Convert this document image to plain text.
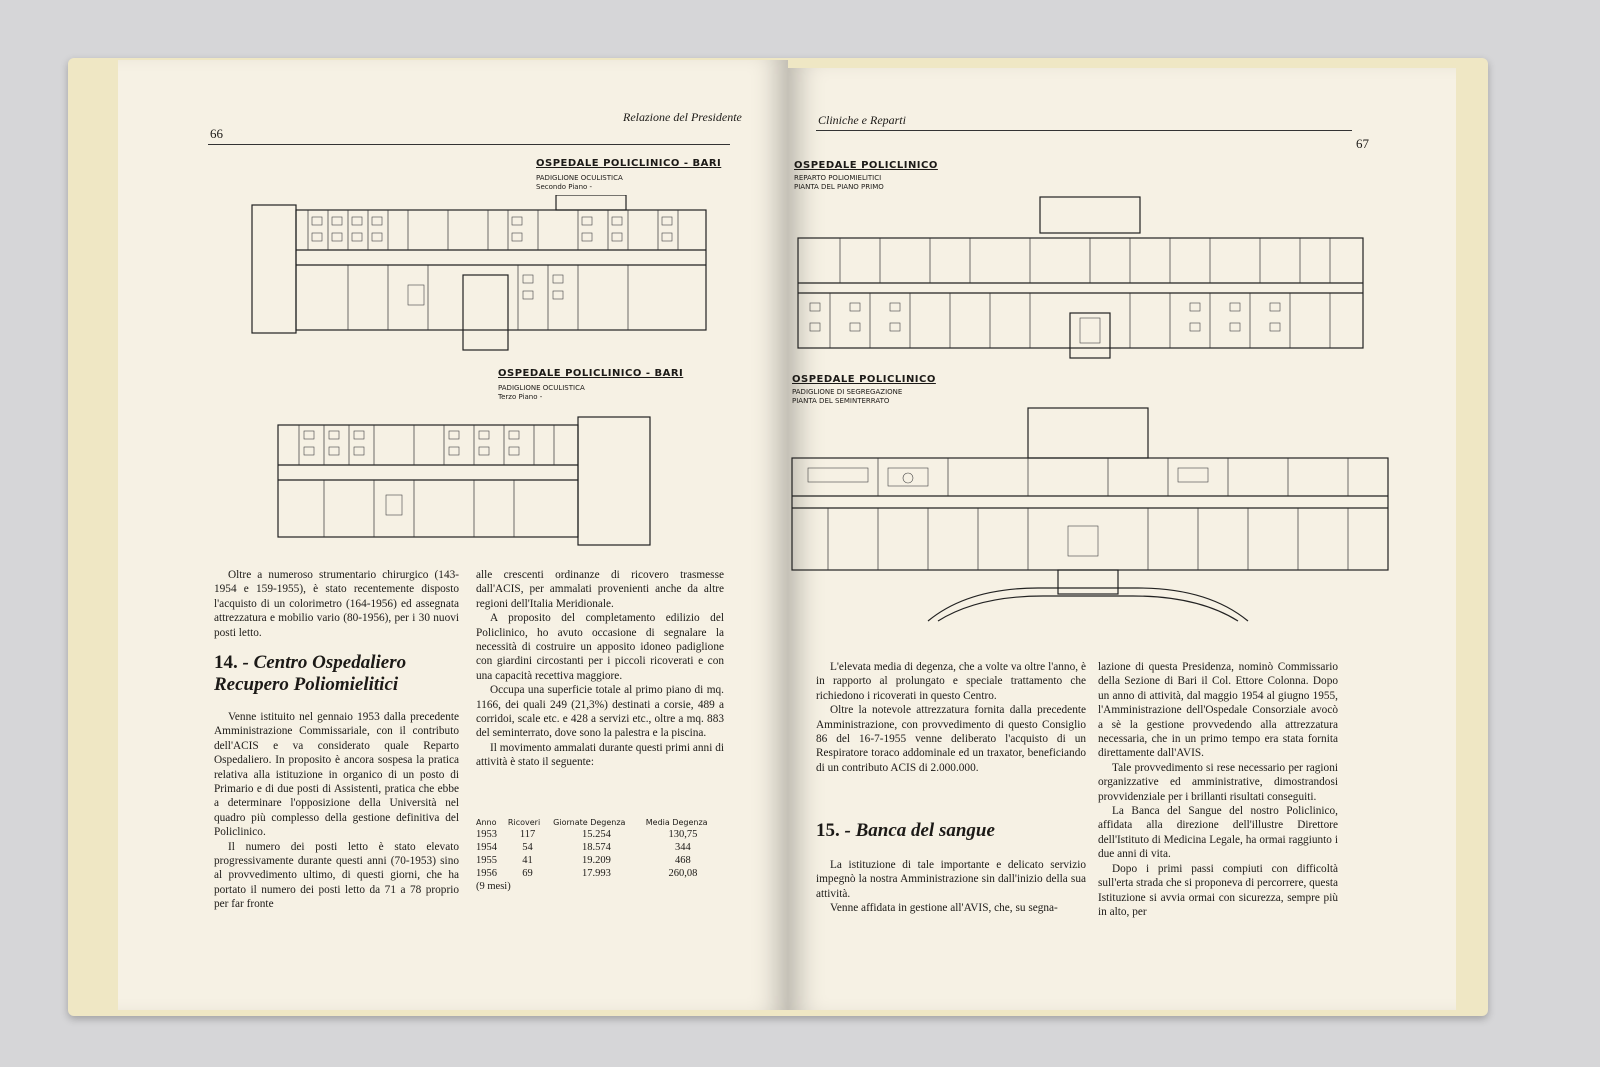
Relazione del Presidente
66
OSPEDALE POLICLINICO - BARI
PADIGLIONE OCULISTICA
Secondo Piano -
OSPEDALE POLICLINICO - BARI
PADIGLIONE OCULISTICA
Terzo Piano -

Oltre a numeroso strumentario chirurgico (143-1954 e 159-1955), è stato recentemente disposto l'acquisto di un colorimetro (164-1956) ed assegnata attrezzatura e mobilio vario (80-1956), per i 30 nuovi posti letto.

14. - Centro Ospedaliero Recupero Poliomielitici

Venne istituito nel gennaio 1953 dalla precedente Amministrazione Commissariale, con il contributo dell'ACIS e va considerato quale Reparto Ospedaliero. In proposito è ancora sospesa la pratica relativa alla istituzione in organico di un posto di Primario e di due posti di Assistenti, pratica che ebbe a determinare l'opposizione della Università nel quadro più complesso della gestione definitiva del Policlinico.

Il numero dei posti letto è stato elevato progressivamente durante questi anni (70-1953) sino al provvedimento ultimo, di questi giorni, che ha portato il numero dei posti letto da 71 a 78 proprio per far fronte

alle crescenti ordinanze di ricovero trasmesse dall'ACIS, per ammalati provenienti anche da altre regioni dell'Italia Meridionale.

A proposito del completamento edilizio del Policlinico, ho avuto occasione di segnalare la necessità di costruire un apposito idoneo padiglione con giardini circostanti per i piccoli ricoverati e con una capacità recettiva maggiore.

Occupa una superficie totale al primo piano di mq. 1166, dei quali 249 (21,3%) destinati a corsie, 489 a corridoi, scale etc. e 428 a servizi etc., oltre a mq. 883 del seminterrato, dove sono la palestra e la piscina.

Il movimento ammalati durante questi primi anni di attività è stato il seguente:

Anno	Ricoveri	Giornate Degenza	Media Degenza
1953	117	15.254	130,75
1954	54	18.574	344
1955	41	19.209	468
1956	69	17.993	260,08
(9 mesi)			
Cliniche e Reparti
67
OSPEDALE POLICLINICO
REPARTO POLIOMIELITICI
PIANTA DEL PIANO PRIMO
OSPEDALE POLICLINICO
PADIGLIONE DI SEGREGAZIONE
PIANTA DEL SEMINTERRATO

L'elevata media di degenza, che a volte va oltre l'anno, è in rapporto al prolungato e speciale trattamento che richiedono i ricoverati in questo Centro.

Oltre la notevole attrezzatura fornita dalla precedente Amministrazione, con provvedimento di questo Consiglio 86 del 16-7-1955 venne deliberato l'acquisto di un Respiratore toraco addominale ed un traxator, beneficiando di un contributo ACIS di 2.000.000.

15. - Banca del sangue

La istituzione di tale importante e delicato servizio impegnò la nostra Amministrazione sin dall'inizio della sua attività.

Venne affidata in gestione all'AVIS, che, su segna-

lazione di questa Presidenza, nominò Commissario della Sezione di Bari il Col. Ettore Colonna. Dopo un anno di attività, dal maggio 1954 al giugno 1955, l'Amministrazione dell'Ospedale Consorziale avocò a sè la gestione provvedendo alla attrezzatura necessaria, che in un primo tempo era stata fornita direttamente dall'AVIS.

Tale provvedimento si rese necessario per ragioni organizzative ed amministrative, dimostrandosi provvidenziale per i brillanti risultati conseguiti.

La Banca del Sangue del nostro Policlinico, affidata alla direzione dell'illustre Direttore dell'Istituto di Medicina Legale, ha ormai raggiunto i due anni di vita.

Dopo i primi passi compiuti con difficoltà sull'erta strada che si proponeva di percorrere, questa Istituzione si avvia ormai con sicurezza, sempre più in alto, per
